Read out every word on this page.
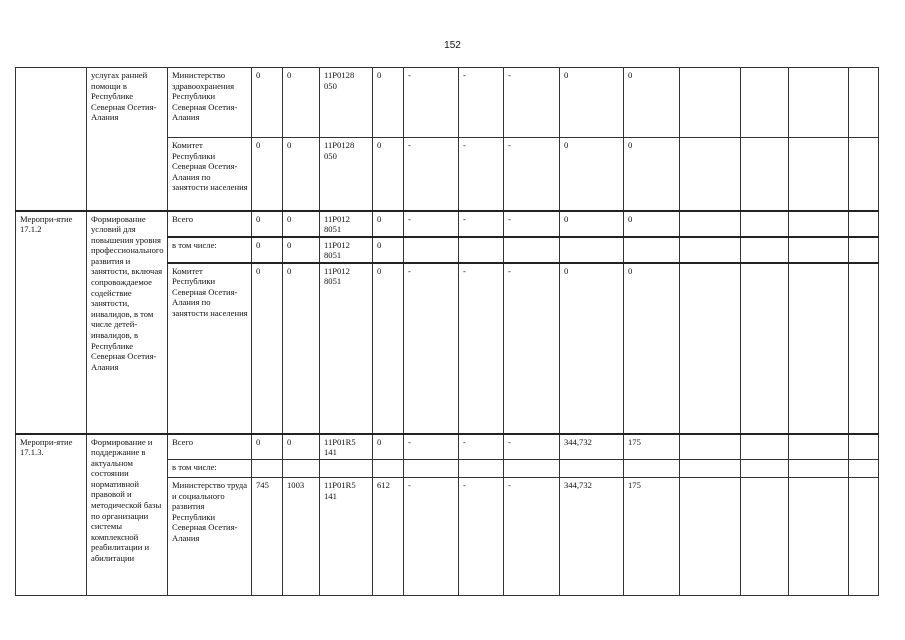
152
	услугах ранней помощи в Республике Северная Осетия-Алания	Министерство здравоохранения Республики Северная Осетия-Алания	0	0	11Р0128 050	0	-	-	-	0	0				
		Комитет Республики Северная Осетия-Алания по занятости населения	0	0	11Р0128 050	0	-	-	-	0	0				
Меропри-ятие 17.1.2	Формирование условий для повышения уровня профессионального развития и занятости, включая сопровождаемое содействие занятости, инвалидов, в том числе детей-инвалидов, в Республике Северная Осетия-Алания	Всего	0	0	11Р012 8051	0	-	-	-	0	0				
		в том числе:	0	0	11Р012 8051	0									
		Комитет Республики Северная Осетия-Алания по занятости населения	0	0	11Р012 8051	0	-	-	-	0	0				
Меропри-ятие 17.1.3.	Формирование и поддержание в актуальном состоянии нормативной правовой и методической базы по организации системы комплексной реабилитации и абилитации	Всего	0	0	11Р01R5 141	0	-	-	-	344,732	175				
		в том числе:													
		Министерство труда и социального развития Республики Северная Осетия-Алания	745	1003	11Р01R5 141	612	-	-	-	344,732	175				
